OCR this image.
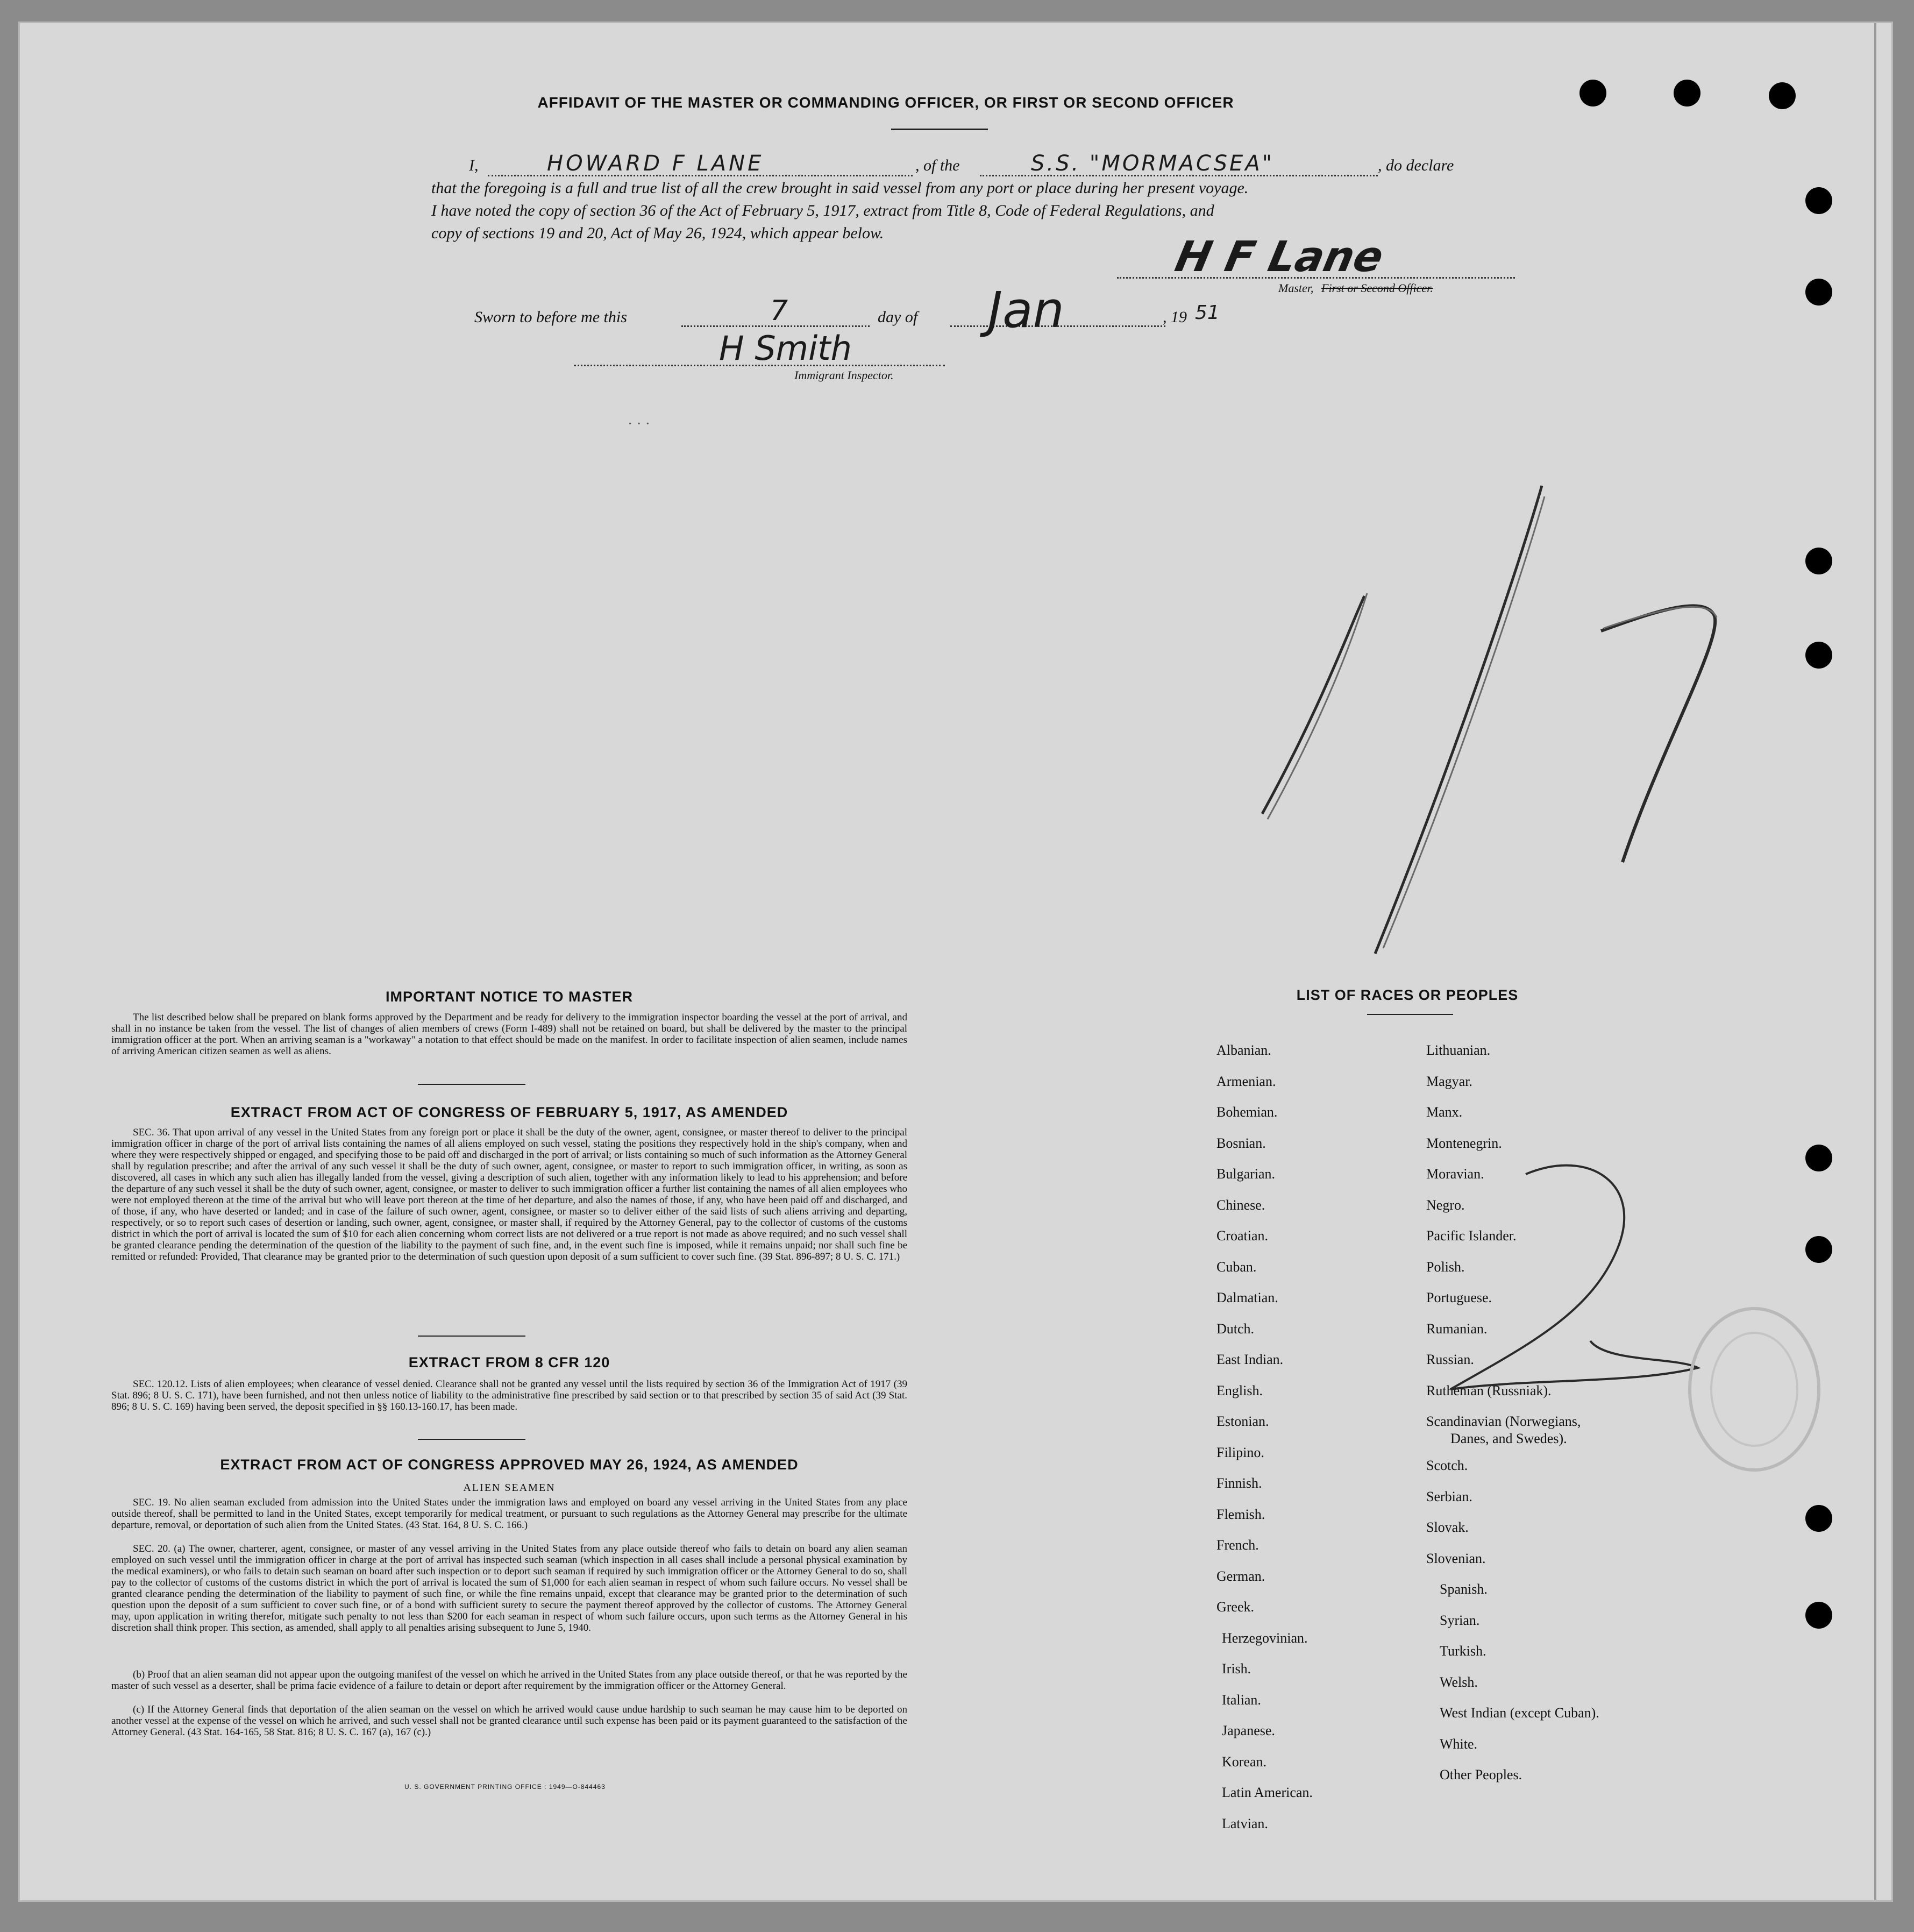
AFFIDAVIT OF THE MASTER OR COMMANDING OFFICER, OR FIRST OR SECOND OFFICER
I,	HOWARD F LANE	, of the	S.S. "MORMACSEA"	, do declare
that the foregoing is a full and true list of all the crew brought in said vessel from any port or place during her present voyage.
I have noted the copy of section 36 of the Act of February 5, 1917, extract from Title 8, Code of Federal Regulations, and
copy of sections 19 and 20, Act of May 26, 1924, which appear below.	H F Lane
Master, First or Second Officer.
Sworn to before me this	7	day of Jan	, 19 51
H Smith
Immigrant Inspector.
· · ·
IMPORTANT NOTICE TO MASTER
The list described below shall be prepared on blank forms approved by the Department and be ready for delivery to the immigration inspector boarding the vessel at the port of arrival, and shall in no instance be taken from the vessel. The list of changes of alien members of crews (Form I-489) shall not be retained on board, but shall be delivered by the master to the principal immigration officer at the port. When an arriving seaman is a "workaway" a notation to that effect should be made on the manifest. In order to facilitate inspection of alien seamen, include names of arriving American citizen seamen as well as aliens.
EXTRACT FROM ACT OF CONGRESS OF FEBRUARY 5, 1917, AS AMENDED
SEC. 36. That upon arrival of any vessel in the United States from any foreign port or place it shall be the duty of the owner, agent, consignee, or master thereof to deliver to the principal immigration officer in charge of the port of arrival lists containing the names of all aliens employed on such vessel, stating the positions they respectively hold in the ship's company, when and where they were respectively shipped or engaged, and specifying those to be paid off and discharged in the port of arrival; or lists containing so much of such information as the Attorney General shall by regulation prescribe; and after the arrival of any such vessel it shall be the duty of such owner, agent, consignee, or master to report to such immigration officer, in writing, as soon as discovered, all cases in which any such alien has illegally landed from the vessel, giving a description of such alien, together with any information likely to lead to his apprehension; and before the departure of any such vessel it shall be the duty of such owner, agent, consignee, or master to deliver to such immigration officer a further list containing the names of all alien employees who were not employed thereon at the time of the arrival but who will leave port thereon at the time of her departure, and also the names of those, if any, who have been paid off and discharged, and of those, if any, who have deserted or landed; and in case of the failure of such owner, agent, consignee, or master so to deliver either of the said lists of such aliens arriving and departing, respectively, or so to report such cases of desertion or landing, such owner, agent, consignee, or master shall, if required by the Attorney General, pay to the collector of customs of the customs district in which the port of arrival is located the sum of $10 for each alien concerning whom correct lists are not delivered or a true report is not made as above required; and no such vessel shall be granted clearance pending the determination of the question of the liability to the payment of such fine, and, in the event such fine is imposed, while it remains unpaid; nor shall such fine be remitted or refunded: Provided, That clearance may be granted prior to the determination of such question upon deposit of a sum sufficient to cover such fine. (39 Stat. 896-897; 8 U. S. C. 171.)
EXTRACT FROM 8 CFR 120
SEC. 120.12. Lists of alien employees; when clearance of vessel denied. Clearance shall not be granted any vessel until the lists required by section 36 of the Immigration Act of 1917 (39 Stat. 896; 8 U. S. C. 171), have been furnished, and not then unless notice of liability to the administrative fine prescribed by said section or to that prescribed by section 35 of said Act (39 Stat. 896; 8 U. S. C. 169) having been served, the deposit specified in §§ 160.13-160.17, has been made.
EXTRACT FROM ACT OF CONGRESS APPROVED MAY 26, 1924, AS AMENDED
ALIEN SEAMEN
SEC. 19. No alien seaman excluded from admission into the United States under the immigration laws and employed on board any vessel arriving in the United States from any place outside thereof, shall be permitted to land in the United States, except temporarily for medical treatment, or pursuant to such regulations as the Attorney General may prescribe for the ultimate departure, removal, or deportation of such alien from the United States. (43 Stat. 164, 8 U. S. C. 166.)
SEC. 20. (a) The owner, charterer, agent, consignee, or master of any vessel arriving in the United States from any place outside thereof who fails to detain on board any alien seaman employed on such vessel until the immigration officer in charge at the port of arrival has inspected such seaman (which inspection in all cases shall include a personal physical examination by the medical examiners), or who fails to detain such seaman on board after such inspection or to deport such seaman if required by such immigration officer or the Attorney General to do so, shall pay to the collector of customs of the customs district in which the port of arrival is located the sum of $1,000 for each alien seaman in respect of whom such failure occurs. No vessel shall be granted clearance pending the determination of the liability to payment of such fine, or while the fine remains unpaid, except that clearance may be granted prior to the determination of such question upon the deposit of a sum sufficient to cover such fine, or of a bond with sufficient surety to secure the payment thereof approved by the collector of customs. The Attorney General may, upon application in writing therefor, mitigate such penalty to not less than $200 for each seaman in respect of whom such failure occurs, upon such terms as the Attorney General in his discretion shall think proper. This section, as amended, shall apply to all penalties arising subsequent to June 5, 1940.
(b) Proof that an alien seaman did not appear upon the outgoing manifest of the vessel on which he arrived in the United States from any place outside thereof, or that he was reported by the master of such vessel as a deserter, shall be prima facie evidence of a failure to detain or deport after requirement by the immigration officer or the Attorney General.
(c) If the Attorney General finds that deportation of the alien seaman on the vessel on which he arrived would cause undue hardship to such seaman he may cause him to be deported on another vessel at the expense of the vessel on which he arrived, and such vessel shall not be granted clearance until such expense has been paid or its payment guaranteed to the satisfaction of the Attorney General. (43 Stat. 164-165, 58 Stat. 816; 8 U. S. C. 167 (a), 167 (c).)
U. S. GOVERNMENT PRINTING OFFICE : 1949—O-844463
LIST OF RACES OR PEOPLES
Albanian.
Armenian.
Bohemian.
Bosnian.
Bulgarian.
Chinese.
Croatian.
Cuban.
Dalmatian.
Dutch.
East Indian.
English.
Estonian.
Filipino.
Finnish.
Flemish.
French.
German.
Greek.
Herzegovinian.
Irish.
Italian.
Japanese.
Korean.
Latin American.
Latvian.
Lithuanian.
Magyar.
Manx.
Montenegrin.
Moravian.
Negro.
Pacific Islander.
Polish.
Portuguese.
Rumanian.
Russian.
Ruthenian (Russniak).
Scandinavian (Norwegians,
Danes, and Swedes).
Scotch.
Serbian.
Slovak.
Slovenian.
Spanish.
Syrian.
Turkish.
Welsh.
West Indian (except Cuban).
White.
Other Peoples.
